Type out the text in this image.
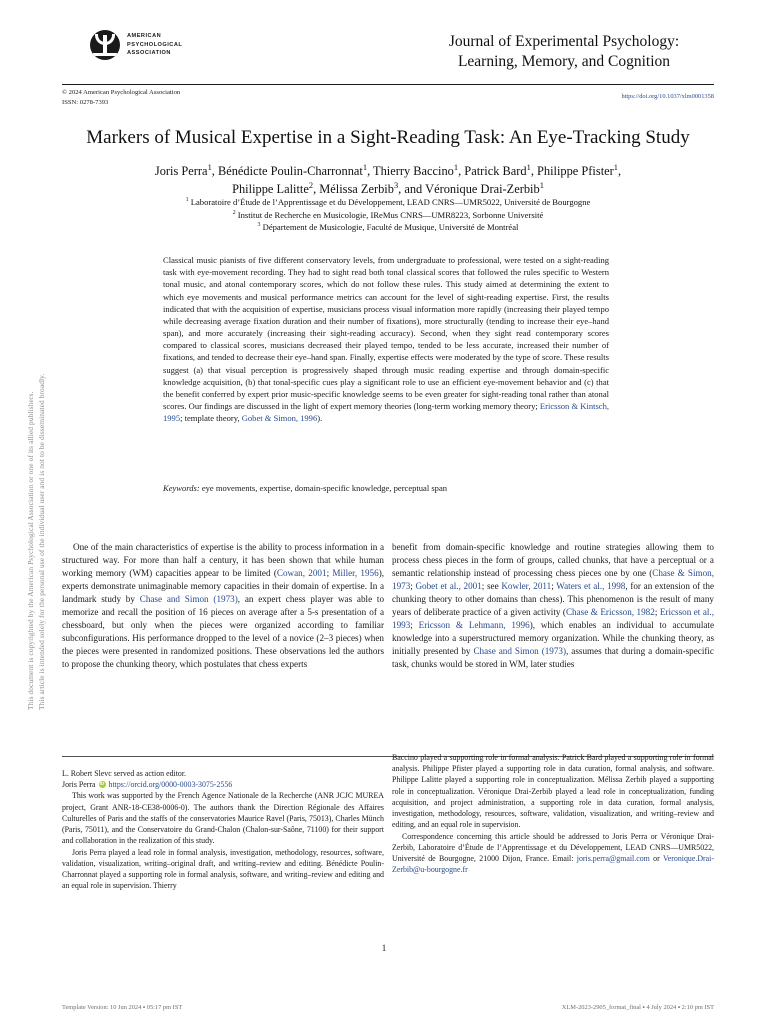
This document is copyrighted by the American Psychological Association or one of its allied publishers. This article is intended solely for the personal use of the individual user and is not to be disseminated broadly.
AMERICAN
PSYCHOLOGICAL
ASSOCIATION
Journal of Experimental Psychology:
Learning, Memory, and Cognition
© 2024 American Psychological Association
ISSN: 0278-7393
https://doi.org/10.1037/xlm0001358
Markers of Musical Expertise in a Sight-Reading Task: An Eye-Tracking Study
Joris Perra$^1$, Bénédicte Poulin-Charronnat$^1$, Thierry Baccino$^1$, Patrick Bard$^1$, Philippe Pfister$^1$,
Philippe Lalitte$^2$, Mélissa Zerbib$^3$, and Véronique Drai-Zerbib$^1$
$^1$ Laboratoire d’Étude de l’Apprentissage et du Développement, LEAD CNRS—UMR5022, Université de Bourgogne
$^2$ Institut de Recherche en Musicologie, IReMus CNRS—UMR8223, Sorbonne Université
$^3$ Département de Musicologie, Faculté de Musique, Université de Montréal
Classical music pianists of five different conservatory levels, from undergraduate to professional, were tested on a sight-reading task with eye-movement recording. They had to sight read both tonal classical scores that followed the rules specific to Western tonal music, and atonal contemporary scores, which do not follow these rules. This study aimed at determining the extent to which eye movements and musical performance metrics can account for the level of sight-reading expertise. First, the results indicated that with the acquisition of expertise, musicians process visual information more rapidly (increasing their played tempo while decreasing average fixation duration and their number of fixations), more structurally (tending to increase their eye–hand span), and more accurately (increasing their sight-reading accuracy). Second, when they sight read contemporary scores compared to classical scores, musicians decreased their played tempo, tended to be less accurate, increased their number of fixations, and tended to decrease their eye–hand span. Finally, expertise effects were moderated by the type of score. These results suggest (a) that visual perception is progressively shaped through music reading expertise and through domain-specific knowledge acquisition, (b) that tonal-specific cues play a significant role to use an efficient eye-movement behavior and (c) that the benefit conferred by expert prior music-specific knowledge seems to be even greater for sight-reading tonal rather than atonal scores. Our findings are discussed in the light of expert memory theories (long-term working memory theory; Ericsson & Kintsch, 1995; template theory, Gobet & Simon, 1996).
Keywords: eye movements, expertise, domain-specific knowledge, perceptual span

One of the main characteristics of expertise is the ability to process information in a structured way. For more than half a century, it has been shown that while human working memory (WM) capacities appear to be limited (Cowan, 2001; Miller, 1956), experts demonstrate unimaginable memory capacities in their domain of expertise. In a landmark study by Chase and Simon (1973), an expert chess player was able to memorize and recall the position of 16 pieces on average after a 5-s presentation of a chessboard, but only when the pieces were organized according to familiar subconfigurations. His performance dropped to the level of a novice (2–3 pieces) when the pieces were presented in randomized positions. These observations led the authors to propose the chunking theory, which postulates that chess experts

benefit from domain-specific knowledge and routine strategies allowing them to process chess pieces in the form of groups, called chunks, that have a perceptual or a semantic relationship instead of processing chess pieces one by one (Chase & Simon, 1973; Gobet et al., 2001; see Kowler, 2011; Waters et al., 1998, for an extension of the chunking theory to other domains than chess). This phenomenon is the result of many years of deliberate practice of a given activity (Chase & Ericsson, 1982; Ericsson et al., 1993; Ericsson & Lehmann, 1996), which enables an individual to accumulate knowledge into a superstructured memory organization. While the chunking theory, as initially presented by Chase and Simon (1973), assumes that during a domain-specific task, chunks would be stored in WM, later studies

L. Robert Slevc served as action editor.

Joris Perra iD https://orcid.org/0000-0003-3075-2556

This work was supported by the French Agence Nationale de la Recherche (ANR JCJC MUREA project, Grant ANR-18-CE38-0006-0). The authors thank the Direction Régionale des Affaires Culturelles of Paris and the staffs of the conservatories Maurice Ravel (Paris, 75013), Charles Münch (Paris, 75011), and the Conservatoire du Grand-Chalon (Chalon-sur-Saône, 71100) for their support and collaboration in the realization of this study.

Joris Perra played a lead role in formal analysis, investigation, methodology, resources, software, validation, visualization, writing–original draft, and writing–review and editing. Bénédicte Poulin-Charronnat played a supporting role in formal analysis, software, and writing–review and editing and an equal role in supervision. Thierry

Baccino played a supporting role in formal analysis. Patrick Bard played a supporting role in formal analysis. Philippe Pfister played a supporting role in data curation, formal analysis, and software. Philippe Lalitte played a supporting role in conceptualization. Mélissa Zerbib played a supporting role in conceptualization. Véronique Drai-Zerbib played a lead role in conceptualization, funding acquisition, and project administration, a supporting role in data curation, formal analysis, investigation, methodology, resources, software, validation, visualization, and writing–review and editing, and an equal role in supervision.

Correspondence concerning this article should be addressed to Joris Perra or Véronique Drai-Zerbib, Laboratoire d’Étude de l’Apprentissage et du Développement, LEAD CNRS—UMR5022, Université de Bourgogne, 21000 Dijon, France. Email: joris.perra@gmail.com or Veronique.Drai-Zerbib@u-bourgogne.fr

1
Template Version: 10 Jun 2024 ▪ 05:17 pm IST	XLM-2023-2905_format_final ▪ 4 July 2024 ▪ 2:10 pm IST
